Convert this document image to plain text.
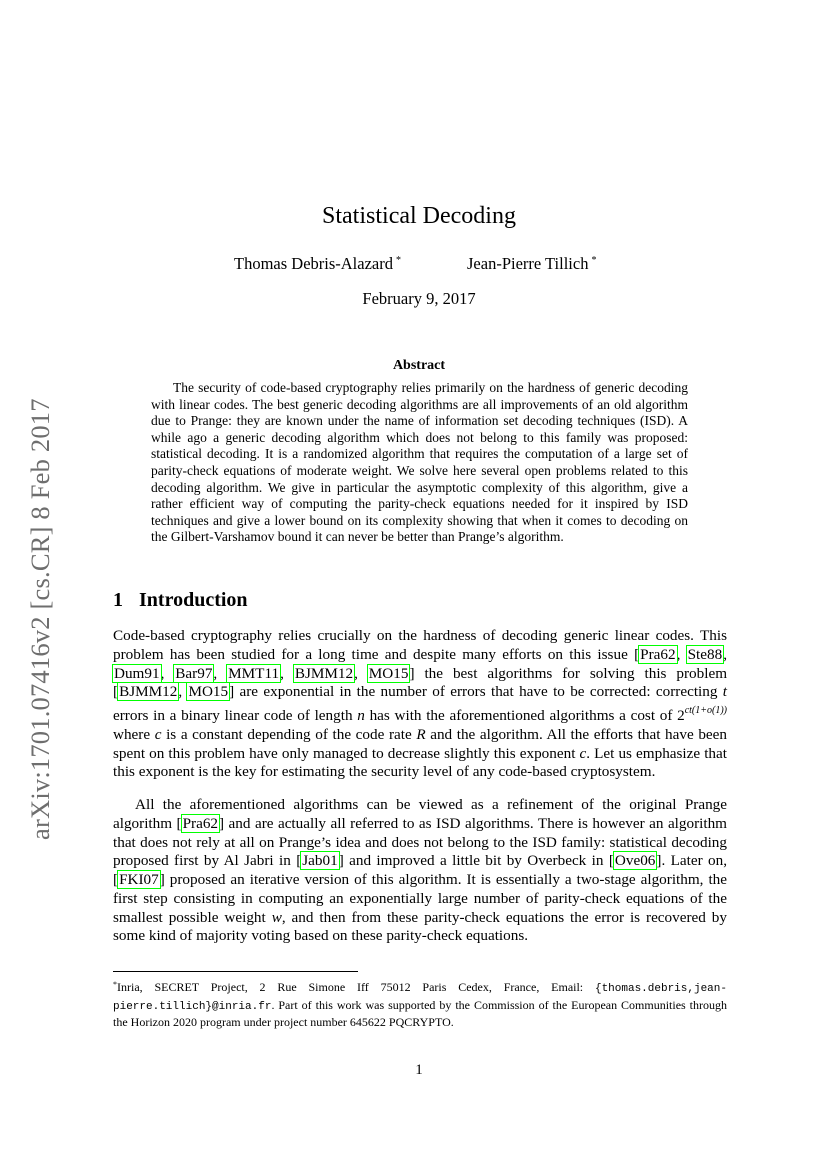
arXiv:1701.07416v2 [cs.CR] 8 Feb 2017
Statistical Decoding
Thomas Debris-Alazard *	Jean-Pierre Tillich *
February 9, 2017
Abstract
The security of code-based cryptography relies primarily on the hardness of generic decoding with linear codes. The best generic decoding algorithms are all improvements of an old algorithm due to Prange: they are known under the name of information set decoding techniques (ISD). A while ago a generic decoding algorithm which does not belong to this family was proposed: statistical decoding. It is a randomized algorithm that requires the computation of a large set of parity-check equations of moderate weight. We solve here several open problems related to this decoding algorithm. We give in particular the asymptotic complexity of this algorithm, give a rather efficient way of computing the parity-check equations needed for it inspired by ISD techniques and give a lower bound on its complexity showing that when it comes to decoding on the Gilbert-Varshamov bound it can never be better than Prange’s algorithm.
1 Introduction
Code-based cryptography relies crucially on the hardness of decoding generic linear codes. This problem has been studied for a long time and despite many efforts on this issue [Pra62, Ste88, Dum91, Bar97, MMT11, BJMM12, MO15] the best algorithms for solving this problem [BJMM12, MO15] are exponential in the number of errors that have to be corrected: correcting t errors in a binary linear code of length n has with the aforementioned algorithms a cost of $2^{ct(1+o(1))}$ where c is a constant depending of the code rate R and the algorithm. All the efforts that have been spent on this problem have only managed to decrease slightly this exponent c. Let us emphasize that this exponent is the key for estimating the security level of any code-based cryptosystem.
All the aforementioned algorithms can be viewed as a refinement of the original Prange algorithm [Pra62] and are actually all referred to as ISD algorithms. There is however an algorithm that does not rely at all on Prange’s idea and does not belong to the ISD family: statistical decoding proposed first by Al Jabri in [Jab01] and improved a little bit by Overbeck in [Ove06]. Later on, [FKI07] proposed an iterative version of this algorithm. It is essentially a two-stage algorithm, the first step consisting in computing an exponentially large number of parity-check equations of the smallest possible weight w, and then from these parity-check equations the error is recovered by some kind of majority voting based on these parity-check equations.
*Inria, SECRET Project, 2 Rue Simone Iff 75012 Paris Cedex, France, Email: {thomas.debris,jean-pierre.tillich}@inria.fr. Part of this work was supported by the Commission of the European Communities through the Horizon 2020 program under project number 645622 PQCRYPTO.
1
